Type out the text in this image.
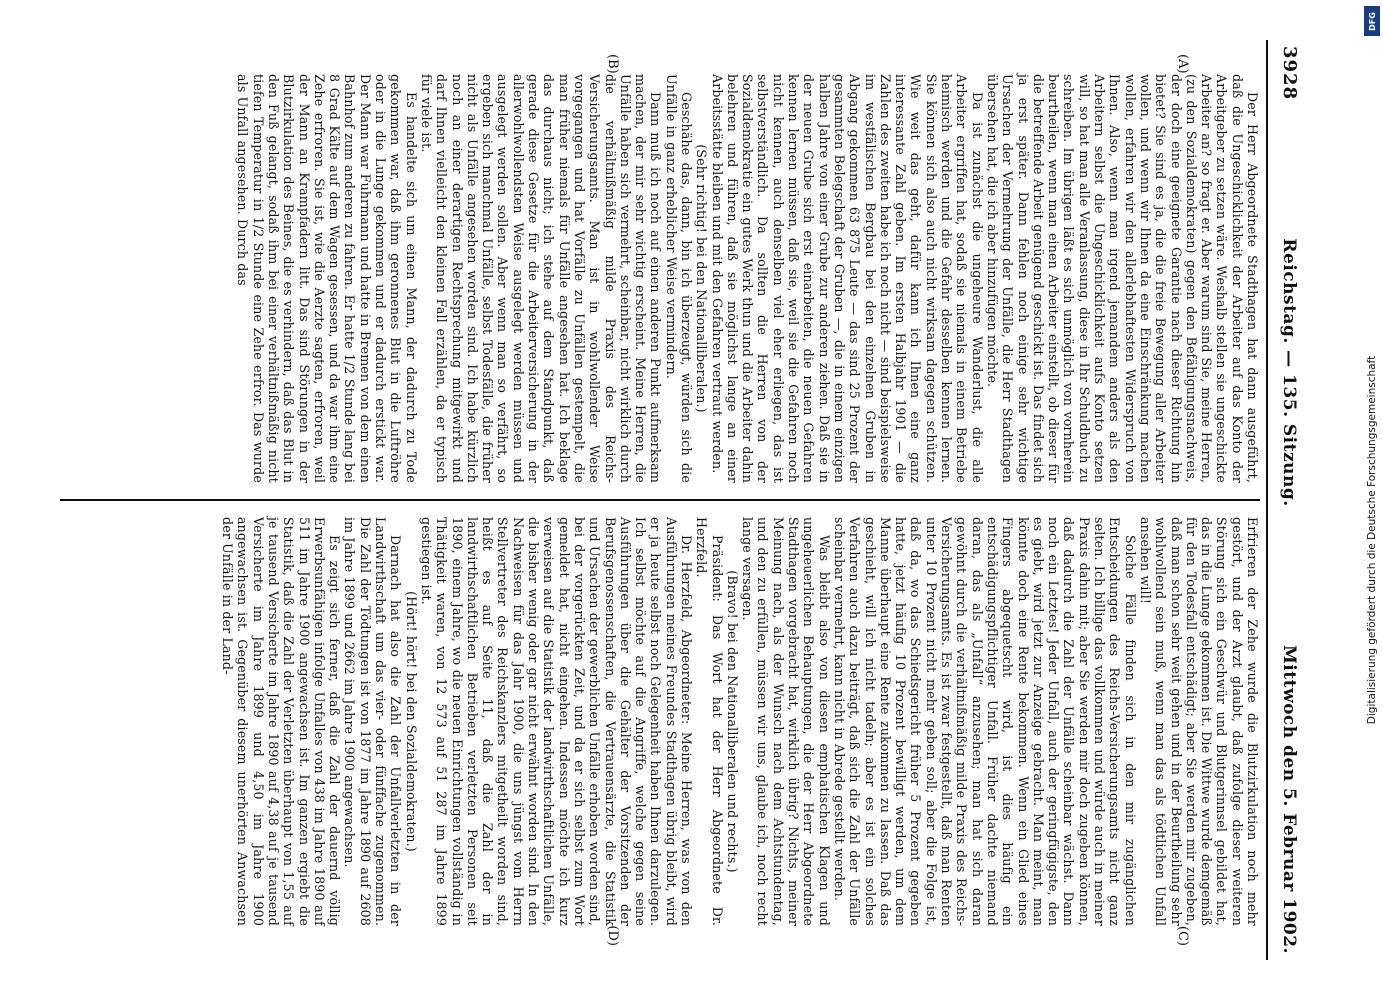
DFG
Digitalisierung gefördert durch die Deutsche Forschungsgemeinschaft
3928
Reichstag. — 135. Sitzung.
Mittwoch den 5. Februar 1902.
(A)
(B)
(C)
(D)

Der Herr Abgeordnete Stadthagen hat dann ausgeführt, daß die Ungeschicklichkeit der Arbeiter auf das Konto der Arbeitgeber zu setzen wäre. Weshalb stellen sie ungeschickte Arbeiter an? so fragt er. Aber warum sind Sie, meine Herren, (zu den Sozialdemokraten) gegen den Befähigungsnachweis, der doch eine geeignete Garantie nach dieser Richtung hin bietet? Sie sind es ja, die die freie Bewegung aller Arbeiter wollen, und wenn wir Ihnen da eine Einschränkung machen wollen, erfahren wir den allerlebhaftesten Widerspruch von Ihnen. Also, wenn man irgend jemandem anders als den Arbeitern selbst die Ungeschicklichkeit aufs Konto setzen will, so hat man alle Veranlassung, diese in Ihr Schuldbuch zu schreiben. Im übrigen läßt es sich unmöglich von vornherein beurtheilen, wenn man einen Arbeiter einstellt, ob dieser für die betreffende Arbeit genügend geschickt ist. Das findet sich ja erst später. Dann fehlen noch einige sehr wichtige Ursachen der Vermehrung der Unfälle, die Herr Stadthagen übersehen hat, die ich aber hinzufügen möchte.

Da ist zunächst die ungeheure Wanderlust, die alle Arbeiter ergriffen hat, sodaß sie niemals in einem Betriebe heimisch werden und die Gefahr desselben kennen lernen. Sie können sich also auch nicht wirksam dagegen schützen. Wie weit das geht, dafür kann ich Ihnen eine ganz interessante Zahl geben. Im ersten Halbjahr 1901 — die Zahlen des zweiten habe ich noch nicht — sind beispielsweise im westfälischen Bergbau bei den einzelnen Gruben in Abgang gekommen 63 875 Leute — das sind 25 Prozent der gesammten Belegschaft der Gruben —, die in einem einzigen halben Jahre von einer Grube zur anderen ziehen. Daß sie in der neuen Grube sich erst einarbeiten, die neuen Gefahren kennen lernen müssen, daß sie, weil sie die Gefahren noch nicht kennen, auch denselben viel eher erliegen, das ist selbstverständlich. Da sollten die Herren von der Sozialdemokratie ein gutes Werk thun und die Arbeiter dahin belehren und führen, daß sie möglichst lange an einer Arbeitsstätte bleiben und mit den Gefahren vertraut werden.

(Sehr richtig! bei den Nationalliberalen.)

Geschähe das, dann, bin ich überzeugt, würden sich die Unfälle in ganz erheblicher Weise vermindern.

Dann muß ich noch auf einen anderen Punkt aufmerksam machen, der mir sehr wichtig erscheint. Meine Herren, die Unfälle haben sich vermehrt, scheinbar, nicht wirklich durch die verhältnißmäßig milde Praxis des Reichs-Versicherungsamts. Man ist in wohlwollender Weise vorgegangen und hat Vorfälle zu Unfällen gestempelt, die man früher niemals für Unfälle angesehen hat. Ich beklage das durchaus nicht; ich stehe auf dem Standpunkt, daß gerade diese Gesetze für die Arbeiterversicherung in der allerwohlwollendsten Weise ausgelegt werden müssen und ausgelegt werden sollen. Aber wenn man so verfährt, so ergeben sich manchmal Unfälle, selbst Todesfälle, die früher nicht als Unfälle angesehen worden sind. Ich habe kürzlich noch an einer derartigen Rechtsprechung mitgewirkt und darf Ihnen vielleicht den kleinen Fall erzählen, da er typisch für viele ist.

Es handelte sich um einen Mann, der dadurch zu Tode gekommen war, daß ihm geronnenes Blut in die Luftröhre oder in die Lunge gekommen und er dadurch erstickt war. Der Mann war Fuhrmann und hatte in Bremen von dem einen Bahnhof zum anderen zu fahren. Er hatte 1/2 Stunde lang bei 8 Grad Kälte auf dem Wagen gesessen, und da war ihm eine Zehe erfroren. Sie ist, wie die Aerzte sagten, erfroren, weil der Mann an Krampfadern litt. Das sind Störungen in der Blutzirkulation des Beines, die es verhindern, daß das Blut in den Fuß gelangt, sodaß ihm bei einer verhältnißmäßig nicht tiefen Temperatur in 1/2 Stunde eine Zehe erfror. Das wurde als Unfall angesehen. Durch das

Erfrieren der Zehe wurde die Blutzirkulation noch mehr gestört, und der Arzt glaubt, daß zufolge dieser weiteren Störung sich ein Geschwür und Blutgerinnsel gebildet hat, das in die Lunge gekommen ist. Die Wittwe wurde demgemäß für den Todesfall entschädigt; aber Sie werden mir zugeben, daß man schon sehr weit gehen und in der Beurtheilung sehr wohlwollend sein muß, wenn man das als tödtlichen Unfall ansehen will!

Solche Fälle finden sich in den mir zugänglichen Entscheidungen des Reichs-Versicherungsamts nicht ganz selten. Ich billige das vollkommen und würde auch in meiner Praxis dahin mit; aber Sie werden mir doch zugeben können, daß dadurch die Zahl der Unfälle scheinbar wächst. Dann noch ein Letztes! Jeder Unfall, auch der geringfügigste, den es giebt, wird jetzt zur Anzeige gebracht. Man meint, man könnte doch eine Rente bekommen. Wenn ein Glied eines Fingers abgequetscht wird, ist dies häufig ein entschädigungspflichtiger Unfall. Früher dachte niemand daran, das als „Unfall“ anzusehen; man hat sich daran gewöhnt durch die verhältnißmäßig milde Praxis des Reichs-Versicherungsamts. Es ist zwar festgestellt, daß man Renten unter 10 Prozent nicht mehr geben soll; aber die Folge ist, daß da, wo das Schiedsgericht früher 5 Prozent gegeben hatte, jetzt häufig 10 Prozent bewilligt werden, um dem Manne überhaupt eine Rente zukommen zu lassen. Daß das geschieht, will ich nicht tadeln; aber es ist ein solches Verfahren auch dazu beiträgt, daß sich die Zahl der Unfälle scheinbar vermehrt, kann nicht in Abrede gestellt werden.

Was bleibt also von diesen emphatischen Klagen und ungeheuerlichen Behauptungen, die der Herr Abgeordnete Stadthagen vorgebracht hat, wirklich übrig? Nichts, meiner Meinung nach, als der Wunsch nach dem Achtstundentag, und den zu erfüllen, müssen wir uns, glaube ich, noch recht lange versagen.

(Bravo! bei den Nationalliberalen und rechts.)

Präsident: Das Wort hat der Herr Abgeordnete Dr. Herzfeld.

Dr. Herzfeld, Abgeordneter: Meine Herren, was von den Ausführungen meines Freundes Stadthagen übrig bleibt, wird er ja heute selbst noch Gelegenheit haben Ihnen darzulegen. Ich selbst möchte auf die Angriffe, welche gegen seine Ausführungen über die Gehälter der Vorsitzenden der Berufsgenossenschaften, die Vertrauensärzte, die Statistik und Ursachen der gewerblichen Unfälle erhoben worden sind, bei der vorgerückten Zeit, und da er sich selbst zum Wort gemeldet hat, nicht eingehen. Indessen möchte ich kurz verweisen auf die Statistik der landwirthschaftlichen Unfälle, die bisher wenig oder gar nicht erwähnt worden sind. In den Nachweisen für das Jahr 1900, die uns jüngst vom Herrn Stellvertreter des Reichskanzlers mitgetheilt worden sind, heißt es auf Seite 11, daß die Zahl der in landwirthschaftlichen Betrieben verletzten Personen seit 1890, einem Jahre, wo die neuen Einrichtungen vollständig in Thätigkeit waren, von 12 573 auf 51 287 im Jahre 1899 gestiegen ist.

(Hört! hört! bei den Sozialdemokraten.)

Darnach hat also die Zahl der Unfallverletzten in der Landwirthschaft um das vier- oder fünffache zugenommen. Die Zahl der Tödtungen ist von 1877 im Jahre 1890 auf 2608 im Jahre 1899 und 2662 im Jahre 1900 angewachsen.

Es zeigt sich ferner, daß die Zahl der dauernd völlig Erwerbsunfähigen infolge Unfalles von 438 im Jahre 1890 auf 511 im Jahre 1900 angewachsen ist. Im ganzen ergiebt die Statistik, daß die Zahl der Verletzten überhaupt von 1,55 auf je tausend Versicherte im Jahre 1890 auf 4,38 auf je tausend Versicherte im Jahre 1899 und 4,50 im Jahre 1900 angewachsen ist. Gegenüber diesem unerhörten Anwachsen der Unfälle in der Land-
